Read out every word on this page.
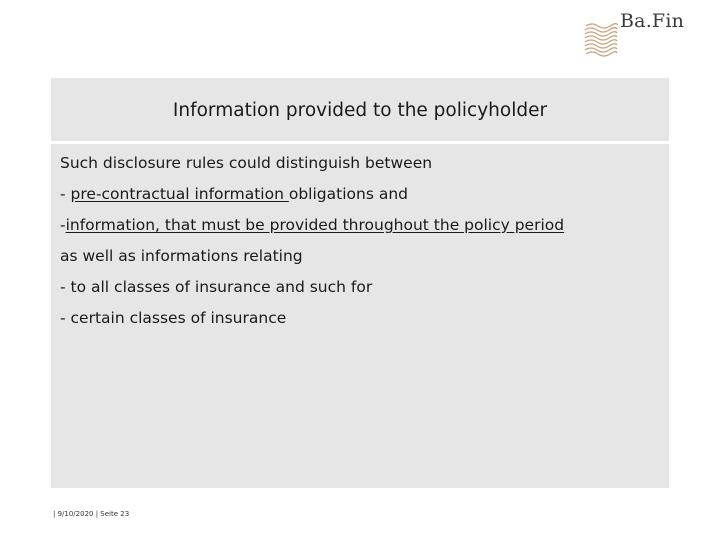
Ba.Fin
Information provided to the policyholder
Such disclosure rules could distinguish between
- pre-contractual information obligations and
-information, that must be provided throughout the policy period
as well as informations relating
- to all classes of insurance and such for
- certain classes of insurance
| 9/10/2020 | Seite 23
